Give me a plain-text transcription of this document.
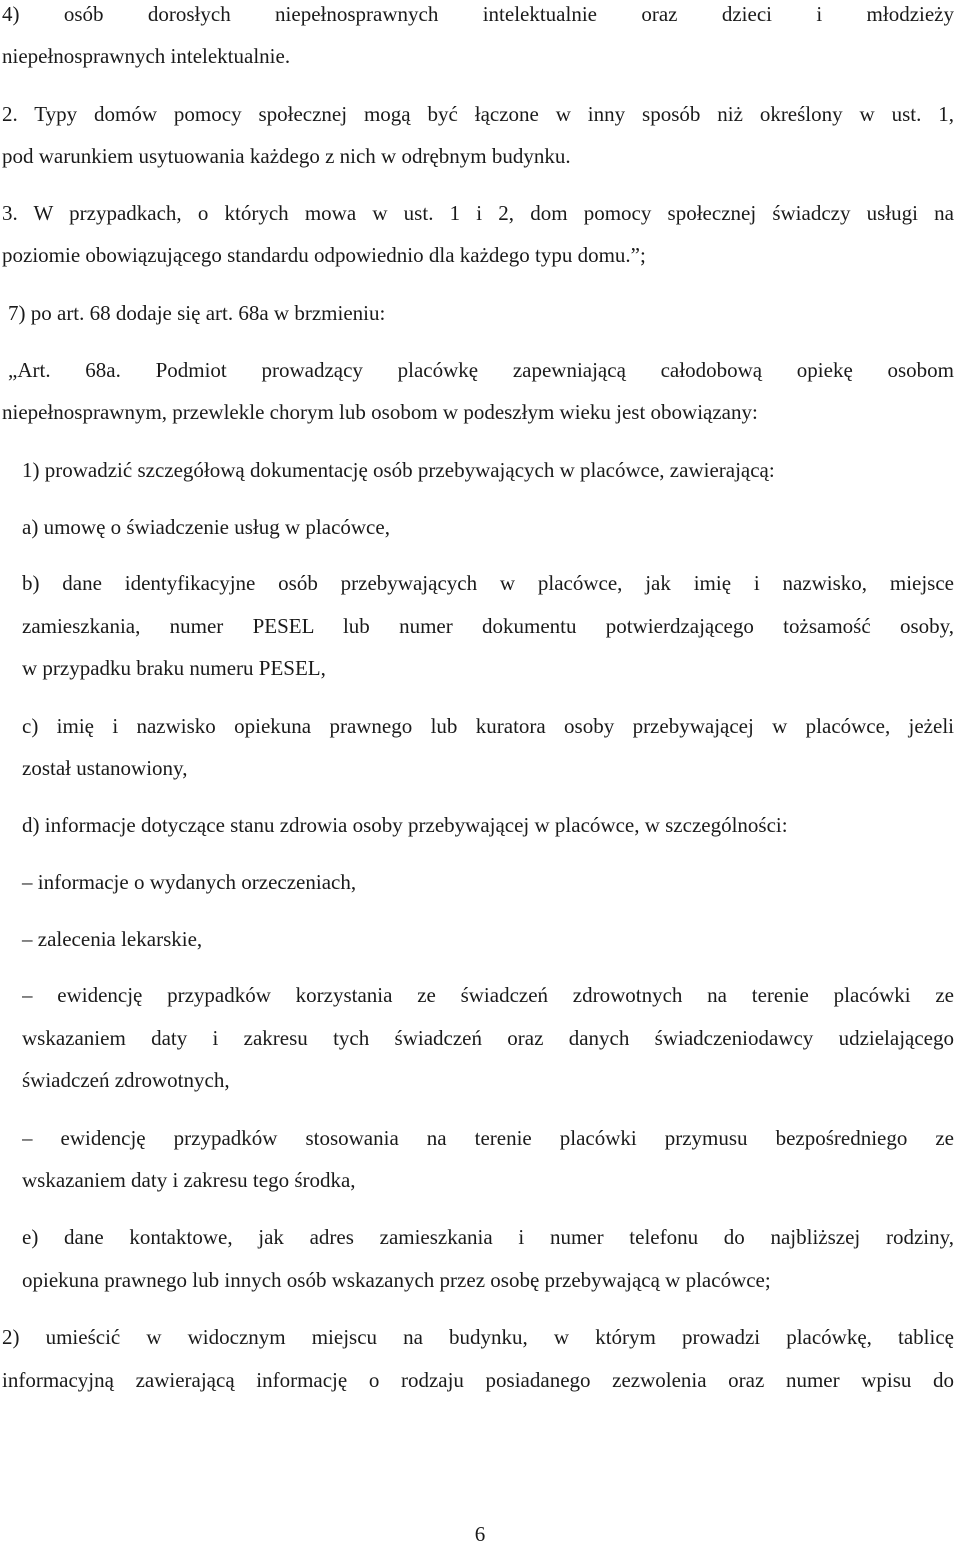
4) osób dorosłych niepełnosprawnych intelektualnie oraz dzieci i młodzieży
niepełnosprawnych intelektualnie.
2. Typy domów pomocy społecznej mogą być łączone w inny sposób niż określony w ust. 1,
pod warunkiem usytuowania każdego z nich w odrębnym budynku.
3. W przypadkach, o których mowa w ust. 1 i 2, dom pomocy społecznej świadczy usługi na
poziomie obowiązującego standardu odpowiednio dla każdego typu domu.”;
7) po art. 68 dodaje się art. 68a w brzmieniu:
„Art. 68a. Podmiot prowadzący placówkę zapewniającą całodobową opiekę osobom
niepełnosprawnym, przewlekle chorym lub osobom w podeszłym wieku jest obowiązany:
1) prowadzić szczegółową dokumentację osób przebywających w placówce, zawierającą:
a) umowę o świadczenie usług w placówce,
b) dane identyfikacyjne osób przebywających w placówce, jak imię i nazwisko, miejsce
zamieszkania, numer PESEL lub numer dokumentu potwierdzającego tożsamość osoby,
w przypadku braku numeru PESEL,
c) imię i nazwisko opiekuna prawnego lub kuratora osoby przebywającej w placówce, jeżeli
został ustanowiony,
d) informacje dotyczące stanu zdrowia osoby przebywającej w placówce, w szczególności:
– informacje o wydanych orzeczeniach,
– zalecenia lekarskie,
– ewidencję przypadków korzystania ze świadczeń zdrowotnych na terenie placówki ze
wskazaniem daty i zakresu tych świadczeń oraz danych świadczeniodawcy udzielającego
świadczeń zdrowotnych,
– ewidencję przypadków stosowania na terenie placówki przymusu bezpośredniego ze
wskazaniem daty i zakresu tego środka,
e) dane kontaktowe, jak adres zamieszkania i numer telefonu do najbliższej rodziny,
opiekuna prawnego lub innych osób wskazanych przez osobę przebywającą w placówce;
2) umieścić w widocznym miejscu na budynku, w którym prowadzi placówkę, tablicę
informacyjną zawierającą informację o rodzaju posiadanego zezwolenia oraz numer wpisu do
6
